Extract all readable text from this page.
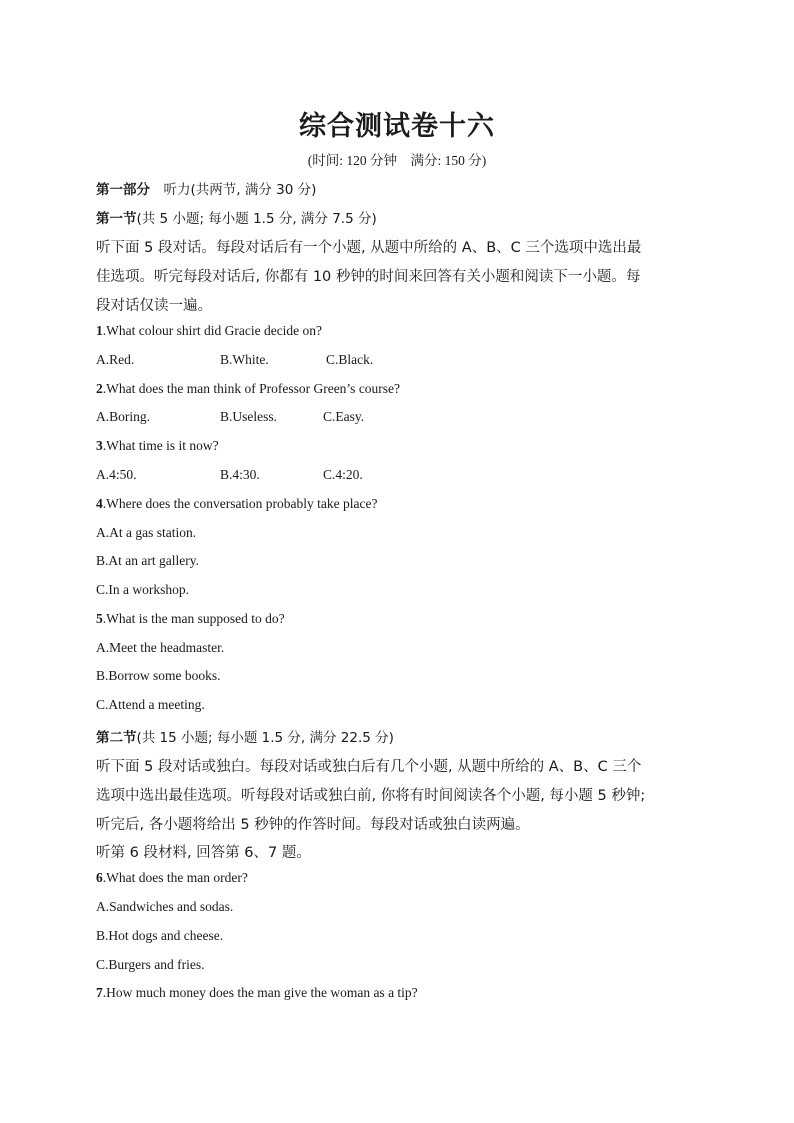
综合测试卷十六
(时间: 120 分钟　满分: 150 分)
第一部分　听力(共两节, 满分 30 分)
第一节(共 5 小题; 每小题 1.5 分, 满分 7.5 分)
听下面 5 段对话。每段对话后有一个小题, 从题中所给的 A、B、C 三个选项中选出最
佳选项。听完每段对话后, 你都有 10 秒钟的时间来回答有关小题和阅读下一小题。每
段对话仅读一遍。
1.What colour shirt did Gracie decide on?
A.Red.	B.White.	C.Black.
2.What does the man think of Professor Green’s course?
A.Boring.	B.Useless.	C.Easy.
3.What time is it now?
A.4:50.	B.4:30.	C.4:20.
4.Where does the conversation probably take place?
A.At a gas station.
B.At an art gallery.
C.In a workshop.
5.What is the man supposed to do?
A.Meet the headmaster.
B.Borrow some books.
C.Attend a meeting.
第二节(共 15 小题; 每小题 1.5 分, 满分 22.5 分)
听下面 5 段对话或独白。每段对话或独白后有几个小题, 从题中所给的 A、B、C 三个
选项中选出最佳选项。听每段对话或独白前, 你将有时间阅读各个小题, 每小题 5 秒钟;
听完后, 各小题将给出 5 秒钟的作答时间。每段对话或独白读两遍。
听第 6 段材料, 回答第 6、7 题。
6.What does the man order?
A.Sandwiches and sodas.
B.Hot dogs and cheese.
C.Burgers and fries.
7.How much money does the man give the woman as a tip?
